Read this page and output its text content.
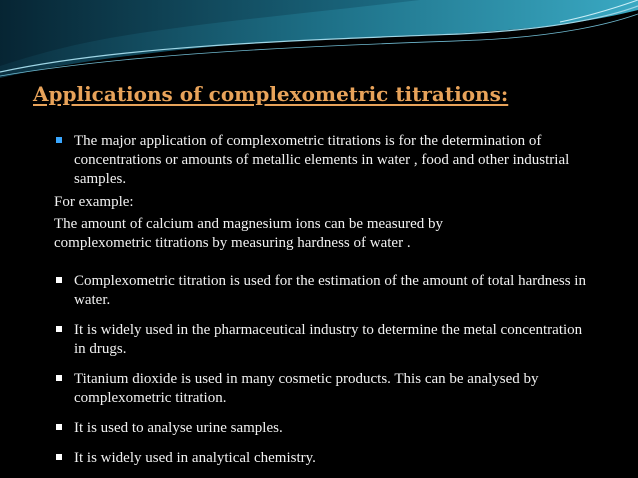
Applications of complexometric titrations:
The major application of complexometric titrations is for the determination of concentrations or amounts of metallic elements in water , food and other industrial samples.

For example:

The amount of calcium and magnesium ions can be measured by complexometric titrations by measuring hardness of water .

Complexometric titration is used for the estimation of the amount of total hardness in water.
It is widely used in the pharmaceutical industry to determine the metal concentration in drugs.
Titanium dioxide is used in many cosmetic products. This can be analysed by complexometric titration.
It is used to analyse urine samples.
It is widely used in analytical chemistry.
